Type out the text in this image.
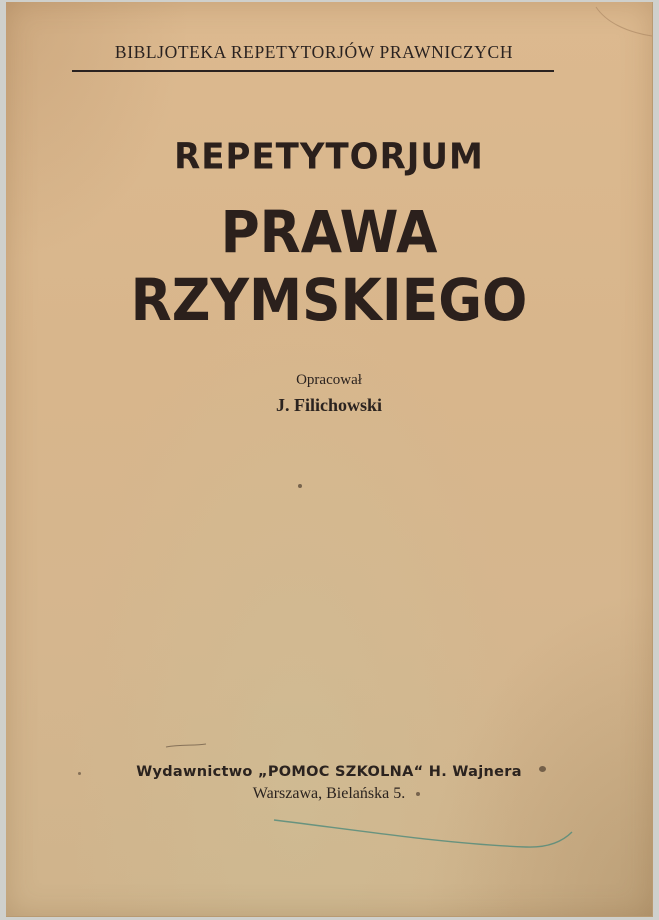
BIBLJOTEKA REPETYTORJÓW PRAWNICZYCH
REPETYTORJUM
PRAWA RZYMSKIEGO
Opracował
J. Filichowski
Wydawnictwo „POMOC SZKOLNA“ H. Wajnera
Warszawa, Bielańska 5.
